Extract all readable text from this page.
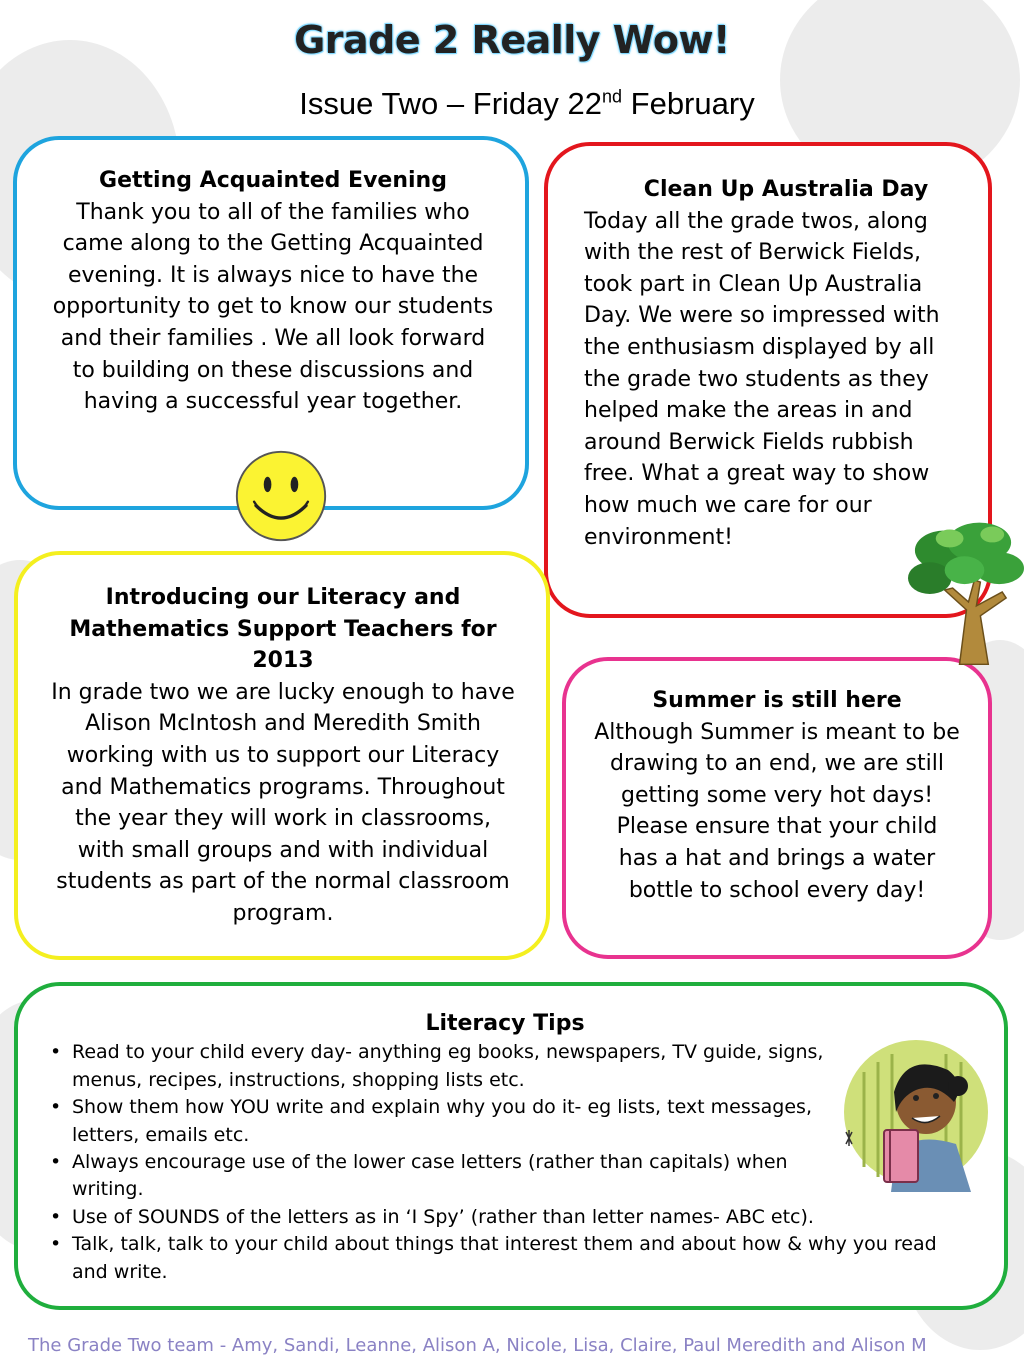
Grade 2 Really Wow!
Issue Two – Friday 22nd February
Getting Acquainted Evening

Thank you to all of the families who came along to the Getting Acquainted evening. It is always nice to have the opportunity to get to know our students and their families . We all look forward to building on these discussions and having a successful year together.

Clean Up Australia Day

Today all the grade twos, along with the rest of Berwick Fields, took part in Clean Up Australia Day. We were so impressed with the enthusiasm displayed by all the grade two students as they helped make the areas in and around Berwick Fields rubbish free. What a great way to show how much we care for our environment!

Introducing our Literacy and Mathematics Support Teachers for 2013

In grade two we are lucky enough to have Alison McIntosh and Meredith Smith working with us to support our Literacy and Mathematics programs. Throughout the year they will work in classrooms, with small groups and with individual students as part of the normal classroom program.

Summer is still here

Although Summer is meant to be drawing to an end, we are still getting some very hot days! Please ensure that your child has a hat and brings a water bottle to school every day!

Literacy Tips
• Read to your child every day- anything eg books, newspapers, TV guide, signs, menus, recipes, instructions, shopping lists etc.
• Show them how YOU write and explain why you do it- eg lists, text messages, letters, emails etc.
• Always encourage use of the lower case letters (rather than capitals) when writing.
• Use of SOUNDS of the letters as in ‘I Spy’ (rather than letter names- ABC etc).
• Talk, talk, talk to your child about things that interest them and about how & why you read and write.
The Grade Two team - Amy, Sandi, Leanne, Alison A, Nicole, Lisa, Claire, Paul Meredith and Alison M
